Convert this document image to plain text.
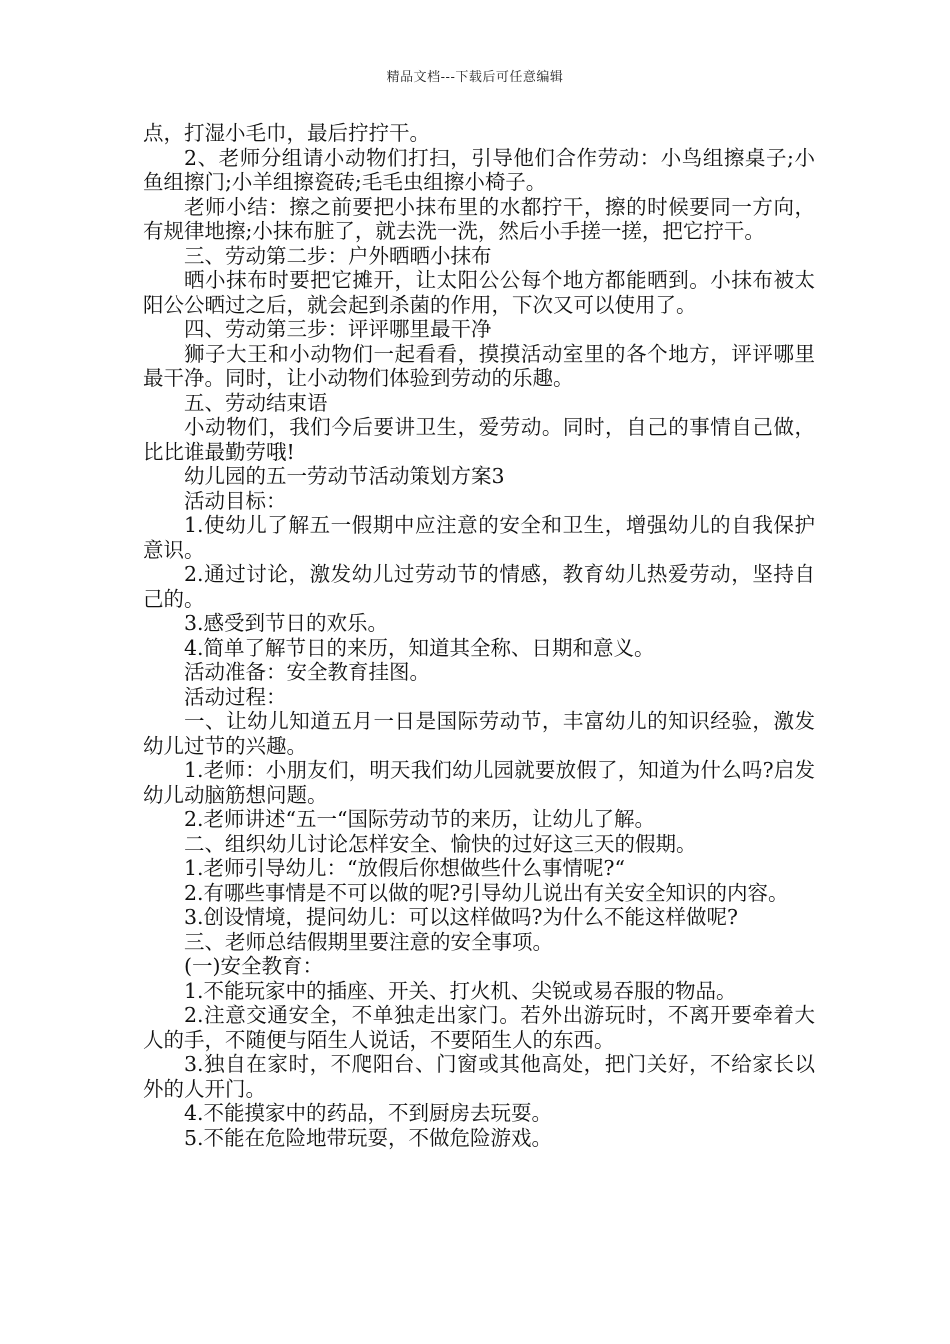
精品文档---下载后可任意编辑

点，打湿小毛巾，最后拧拧干。

2、老师分组请小动物们打扫，引导他们合作劳动：小鸟组擦桌子;小鱼组擦门;小羊组擦瓷砖;毛毛虫组擦小椅子。

老师小结：擦之前要把小抹布里的水都拧干，擦的时候要同一方向，有规律地擦;小抹布脏了，就去洗一洗，然后小手搓一搓，把它拧干。

三、劳动第二步：户外晒晒小抹布

晒小抹布时要把它摊开，让太阳公公每个地方都能晒到。小抹布被太阳公公晒过之后，就会起到杀菌的作用，下次又可以使用了。

四、劳动第三步：评评哪里最干净

狮子大王和小动物们一起看看，摸摸活动室里的各个地方，评评哪里最干净。同时，让小动物们体验到劳动的乐趣。

五、劳动结束语

小动物们，我们今后要讲卫生，爱劳动。同时，自己的事情自己做，比比谁最勤劳哦!

幼儿园的五一劳动节活动策划方案3

活动目标：

1.使幼儿了解五一假期中应注意的安全和卫生，增强幼儿的自我保护意识。

2.通过讨论，激发幼儿过劳动节的情感，教育幼儿热爱劳动，坚持自己的。

3.感受到节日的欢乐。

4.简单了解节日的来历，知道其全称、日期和意义。

活动准备：安全教育挂图。

活动过程：

一、让幼儿知道五月一日是国际劳动节，丰富幼儿的知识经验，激发幼儿过节的兴趣。

1.老师：小朋友们，明天我们幼儿园就要放假了，知道为什么吗?启发幼儿动脑筋想问题。

2.老师讲述“五一“国际劳动节的来历，让幼儿了解。

二、组织幼儿讨论怎样安全、愉快的过好这三天的假期。

1.老师引导幼儿：“放假后你想做些什么事情呢?“

2.有哪些事情是不可以做的呢?引导幼儿说出有关安全知识的内容。

3.创设情境，提问幼儿：可以这样做吗?为什么不能这样做呢?

三、老师总结假期里要注意的安全事项。

(一)安全教育：

1.不能玩家中的插座、开关、打火机、尖锐或易吞服的物品。

2.注意交通安全，不单独走出家门。若外出游玩时，不离开要牵着大人的手，不随便与陌生人说话，不要陌生人的东西。

3.独自在家时，不爬阳台、门窗或其他高处，把门关好，不给家长以外的人开门。

4.不能摸家中的药品，不到厨房去玩耍。

5.不能在危险地带玩耍，不做危险游戏。
